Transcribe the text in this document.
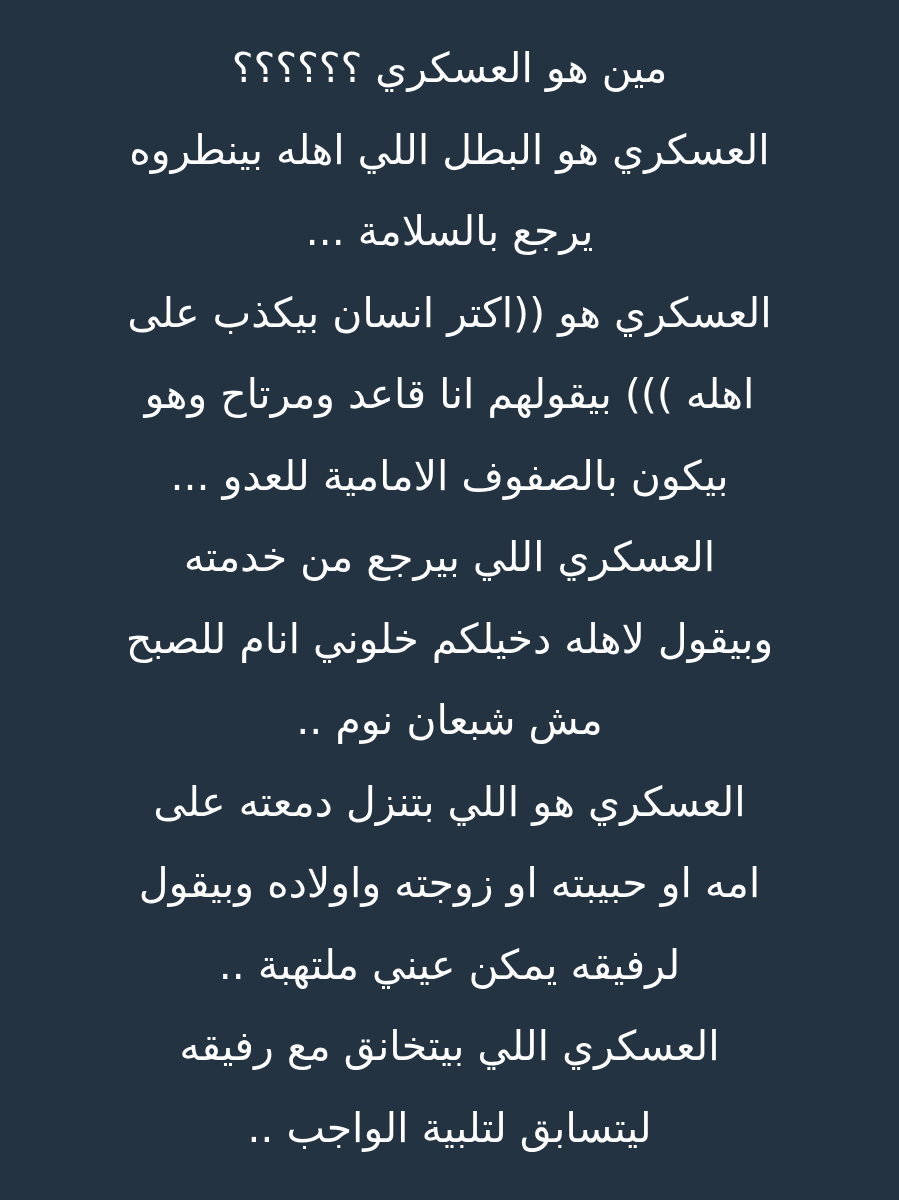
مين هو العسكري ؟؟؟؟؟؟
العسكري هو البطل اللي اهله بينطروه
يرجع بالسلامة ...
العسكري هو ((اكتر انسان بيكذب على
اهله ))) بيقولهم انا قاعد ومرتاح وهو
بيكون بالصفوف الامامية للعدو ...
العسكري اللي بيرجع من خدمته
وبيقول لاهله دخيلكم خلوني انام للصبح
مش شبعان نوم ..
العسكري هو اللي بتنزل دمعته على
امه او حبيبته او زوجته واولاده وبيقول
لرفيقه يمكن عيني ملتهبة ..
العسكري اللي بيتخانق مع رفيقه
ليتسابق لتلبية الواجب ..
